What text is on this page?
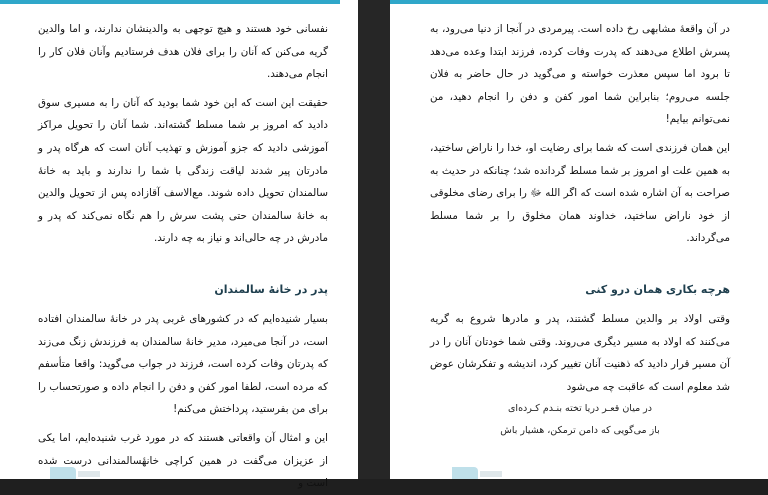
نفسانی خود هستند و هیچ توجهی به والدینشان ندارند، و اما والدین گریه می‌کنن که آنان را برای فلان هدف فرستادیم وآنان فلان کار را انجام می‌دهند.

حقیقت این است که این خود شما بودید که آنان را به مسیری سوق دادید که امروز بر شما مسلط گشته‌اند. شما آنان را تحویل مراکز آموزشی دادید که جزو آموزش و تهذیب آنان است که هرگاه پدر و مادرتان پیر شدند لیاقت زندگی با شما را ندارند و باید به خانهٔ سالمندان تحویل داده شوند. مع‌الاسف آقازاده پس از تحویل والدین به خانهٔ سالمندان حتی پشت سرش را هم نگاه نمی‌کند که پدر و مادرش در چه حالی‌اند و نیاز به چه دارند.

پدر در خانهٔ سالمندان

بسیار شنیده‌ایم که در کشورهای غربی پدر در خانهٔ سالمندان افتاده است، در آنجا می‌میرد، مدیر خانهٔ سالمندان به فرزندش زنگ می‌زند که پدرتان وفات کرده است، فرزند در جواب می‌گوید: واقعا متأسفم که مرده است، لطفا امور کفن و دفن را انجام داده و صورتحساب را برای من بفرستید، پرداختش می‌کنم!

این و امثال آن واقعاتی هستند که در مورد غرب شنیده‌ایم، اما یکی از عزیزان می‌گفت در همین کراچی خانهٔسالمندانی درست شده است و

در آن واقعهٔ مشابهی رخ داده است. پیرمردی در آنجا از دنیا می‌رود، به پسرش اطلاع می‌دهند که پدرت وفات کرده، فرزند ابتدا وعده می‌دهد تا برود اما سپس معذرت خواسته و می‌گوید در حال حاضر به فلان جلسه می‌روم؛ بنابراین شما امور کفن و دفن را انجام دهید، من نمی‌توانم بیایم!

این همان فرزندی است که شما برای رضایت او، خدا را ناراض ساختید، به همین علت او امروز بر شما مسلط گردانده شد؛ چنانکه در حدیث به صراحت به آن اشاره شده است که اگر الله ﷻ را برای رضای مخلوقی از خود ناراض ساختید، خداوند همان مخلوق را بر شما مسلط می‌گرداند.

هرچه بکاری همان درو کنی

وقتی اولاد بر والدین مسلط گشتند، پدر و مادرها شروع به گریه می‌کنند که اولاد به مسیر دیگری می‌روند. وقتی شما خودتان آنان را در آن مسیر قرار دادید که ذهنیت آنان تغییر کرد، اندیشه و تفکرشان عوض شد معلوم است که عاقبت چه می‌شود

در میان قعـر دریا تخته بنـدم کـرده‌ای
باز می‌گویی که دامن ترمکن، هشیار باش
